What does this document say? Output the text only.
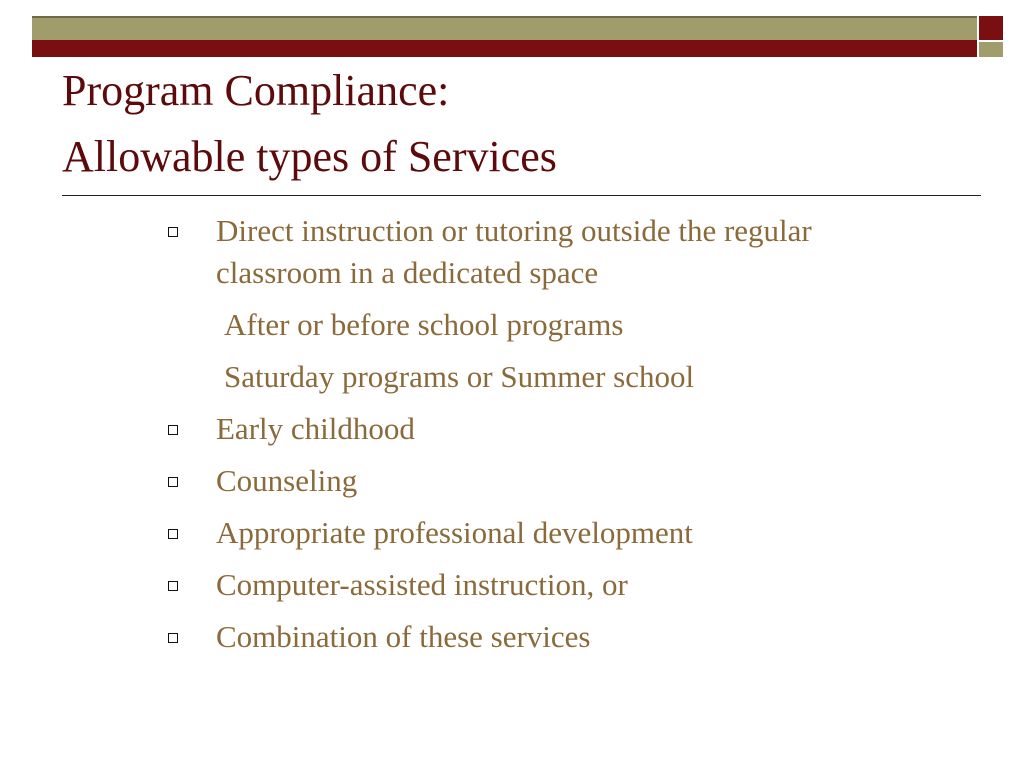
Program Compliance:
Allowable types of Services
Direct instruction or tutoring outside the regular classroom in a dedicated space
After or before school programs
Saturday programs or Summer school
Early childhood
Counseling
Appropriate professional development
Computer-assisted instruction, or
Combination of these services
